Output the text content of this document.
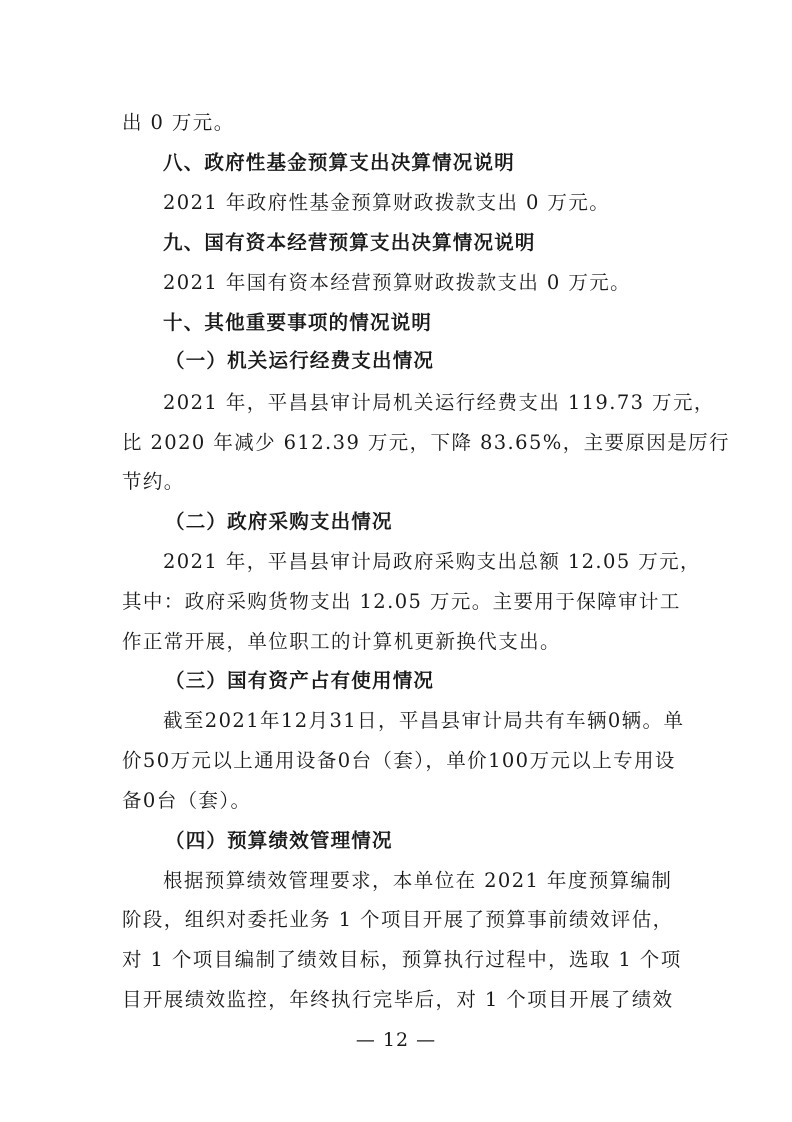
出 0 万元。
八、政府性基金预算支出决算情况说明
2021 年政府性基金预算财政拨款支出 0 万元。
九、国有资本经营预算支出决算情况说明
2021 年国有资本经营预算财政拨款支出 0 万元。
十、其他重要事项的情况说明
（一）机关运行经费支出情况
2021 年，平昌县审计局机关运行经费支出 119.73 万元，
比 2020 年减少 612.39 万元，下降 83.65%，主要原因是厉行
节约。
（二）政府采购支出情况
2021 年，平昌县审计局政府采购支出总额 12.05 万元，
其中：政府采购货物支出 12.05 万元。主要用于保障审计工
作正常开展，单位职工的计算机更新换代支出。
（三）国有资产占有使用情况
截至2021年12月31日，平昌县审计局共有车辆0辆。单
价50万元以上通用设备0台（套），单价100万元以上专用设
备0台（套）。
（四）预算绩效管理情况
根据预算绩效管理要求，本单位在 2021 年度预算编制
阶段，组织对委托业务 1 个项目开展了预算事前绩效评估，
对 1 个项目编制了绩效目标，预算执行过程中，选取 1 个项
目开展绩效监控，年终执行完毕后，对 1 个项目开展了绩效
— 12 —
